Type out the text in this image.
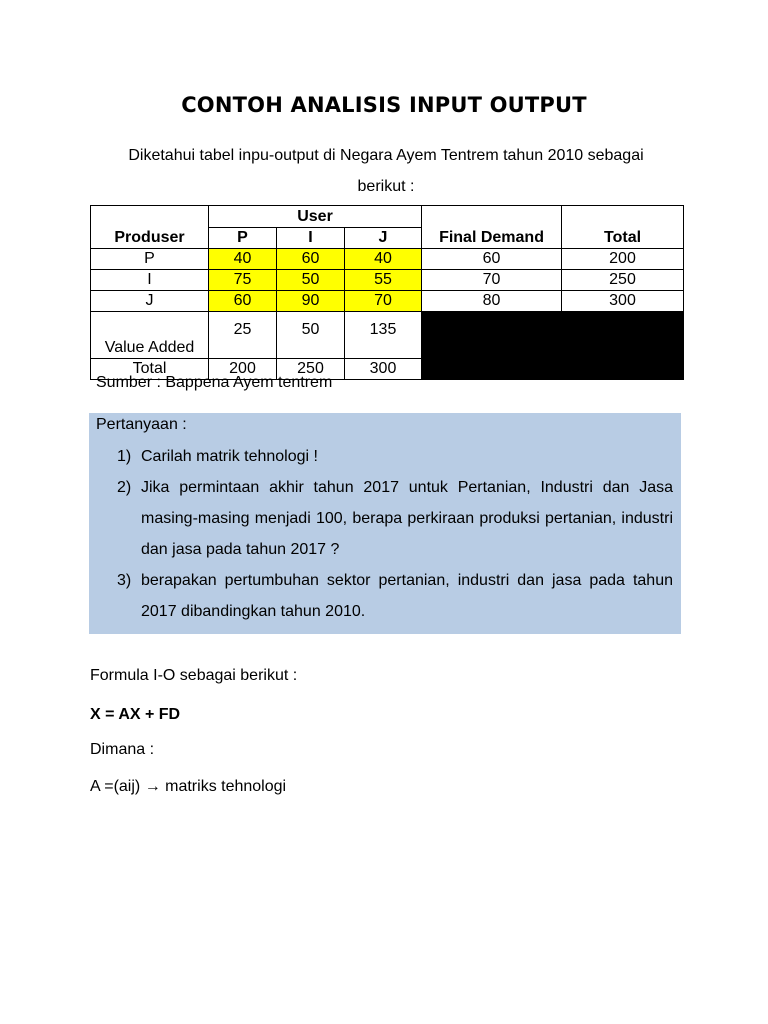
CONTOH ANALISIS INPUT OUTPUT
Diketahui tabel inpu-output di Negara Ayem Tentrem tahun 2010 sebagai
berikut :
Produser	User			Final Demand	Total
	P	I	J		
P	40	60	40	60	200
I	75	50	55	70	250
J	60	90	70	80	300
Value Added	25	50	135		
Total	200	250	300		
Sumber : Bappena Ayem tentrem
Pertanyaan :
1) Carilah matrik tehnologi !
2) Jika permintaan akhir tahun 2017 untuk Pertanian, Industri dan Jasa masing-masing menjadi 100, berapa perkiraan produksi pertanian, industri dan jasa pada tahun 2017 ?
3) berapakan pertumbuhan sektor pertanian, industri dan jasa pada tahun 2017 dibandingkan tahun 2010.
Formula I-O sebagai berikut :
X = AX + FD
Dimana :
A =(aij) → matriks tehnologi
